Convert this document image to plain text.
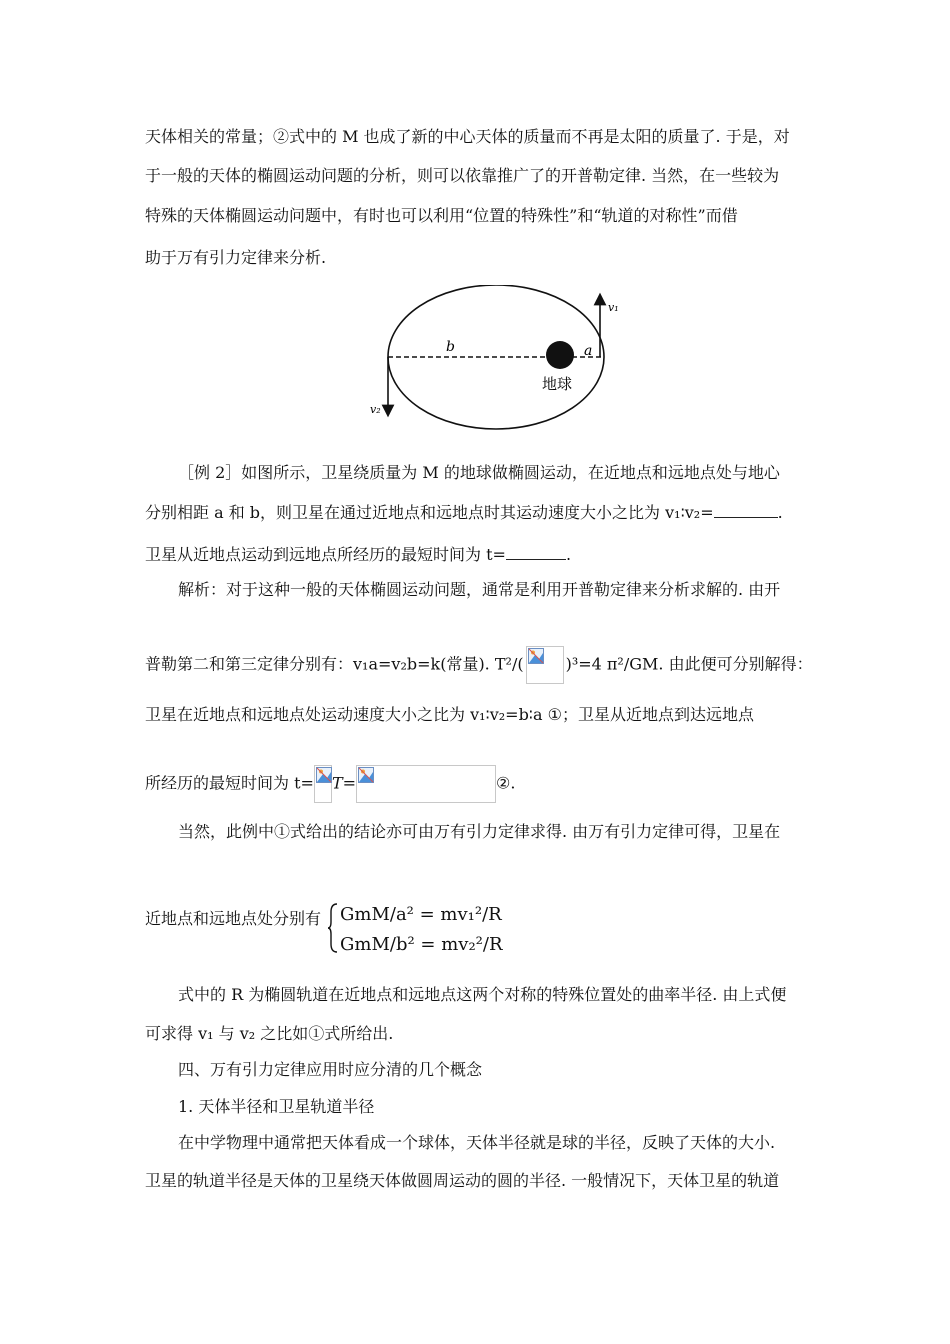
天体相关的常量；②式中的 M 也成了新的中心天体的质量而不再是太阳的质量了. 于是，对
于一般的天体的椭圆运动问题的分析，则可以依靠推广了的开普勒定律. 当然，在一些较为
特殊的天体椭圆运动问题中，有时也可以利用“位置的特殊性”和“轨道的对称性”而借
助于万有引力定律来分析.
v₁
v₂
b	a
地球
［例 2］如图所示，卫星绕质量为 M 的地球做椭圆运动，在近地点和远地点处与地心
分别相距 a 和 b，则卫星在通过近地点和远地点时其运动速度大小之比为 v₁∶v₂=	.
卫星从近地点运动到远地点所经历的最短时间为 t=	.
解析：对于这种一般的天体椭圆运动问题，通常是利用开普勒定律来分析求解的. 由开
普勒第二和第三定律分别有：v₁a=v₂b=k(常量). T²/(	)³=4 π²/GM. 由此便可分别解得：
卫星在近地点和远地点处运动速度大小之比为 v₁∶v₂=b∶a ①；卫星从近地点到达远地点
所经历的最短时间为 t= T=	②.
当然，此例中①式给出的结论亦可由万有引力定律求得. 由万有引力定律可得，卫星在
近地点和远地点处分别有 GmM/a² = mv₁²/R
GmM/b² = mv₂²/R
式中的 R 为椭圆轨道在近地点和远地点这两个对称的特殊位置处的曲率半径. 由上式便
可求得 v₁ 与 v₂ 之比如①式所给出.
四、万有引力定律应用时应分清的几个概念
1. 天体半径和卫星轨道半径
在中学物理中通常把天体看成一个球体，天体半径就是球的半径，反映了天体的大小.
卫星的轨道半径是天体的卫星绕天体做圆周运动的圆的半径. 一般情况下，天体卫星的轨道
